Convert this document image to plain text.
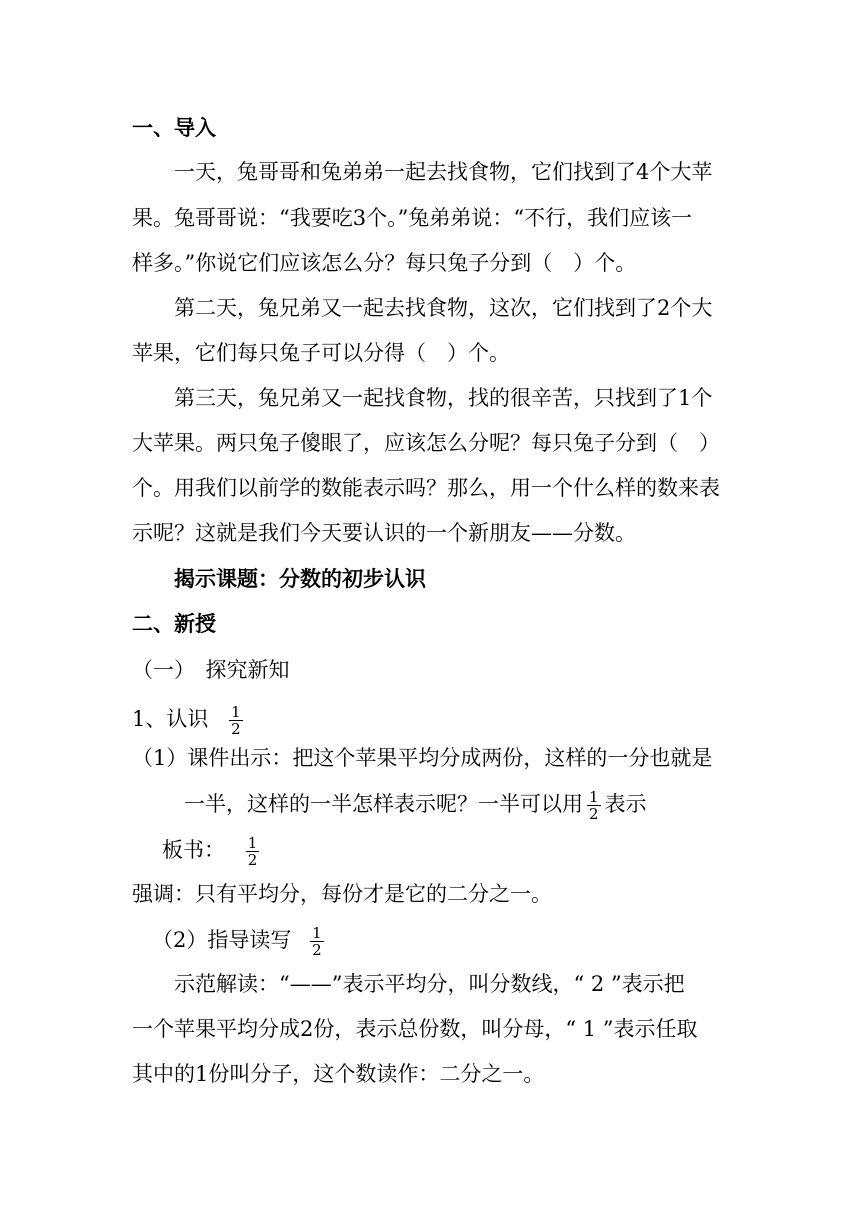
一、导入
一天，兔哥哥和兔弟弟一起去找食物，它们找到了4个大苹
果。兔哥哥说：“我要吃3个。”兔弟弟说：“不行，我们应该一
样多。”你说它们应该怎么分？每只兔子分到（　）个。
第二天，兔兄弟又一起去找食物，这次，它们找到了2个大
苹果，它们每只兔子可以分得（　）个。
第三天，兔兄弟又一起找食物，找的很辛苦，只找到了1个
大苹果。两只兔子傻眼了，应该怎么分呢？每只兔子分到（　）
个。用我们以前学的数能表示吗？那么，用一个什么样的数来表
示呢？这就是我们今天要认识的一个新朋友——分数。
揭示课题：分数的初步认识
二、新授
（一）　探究新知
1、认识 $\frac{1}{2}$
（1）课件出示：把这个苹果平均分成两份，这样的一分也就是
一半，这样的一半怎样表示呢？一半可以用 $\frac{1}{2}$ 表示
板书： $\frac{1}{2}$
强调：只有平均分，每份才是它的二分之一。
（2）指导读写 $\frac{1}{2}$
示范解读：“——”表示平均分，叫分数线，“ 2 ”表示把
一个苹果平均分成2份，表示总份数，叫分母，“ 1 ”表示任取
其中的1份叫分子，这个数读作：二分之一。
